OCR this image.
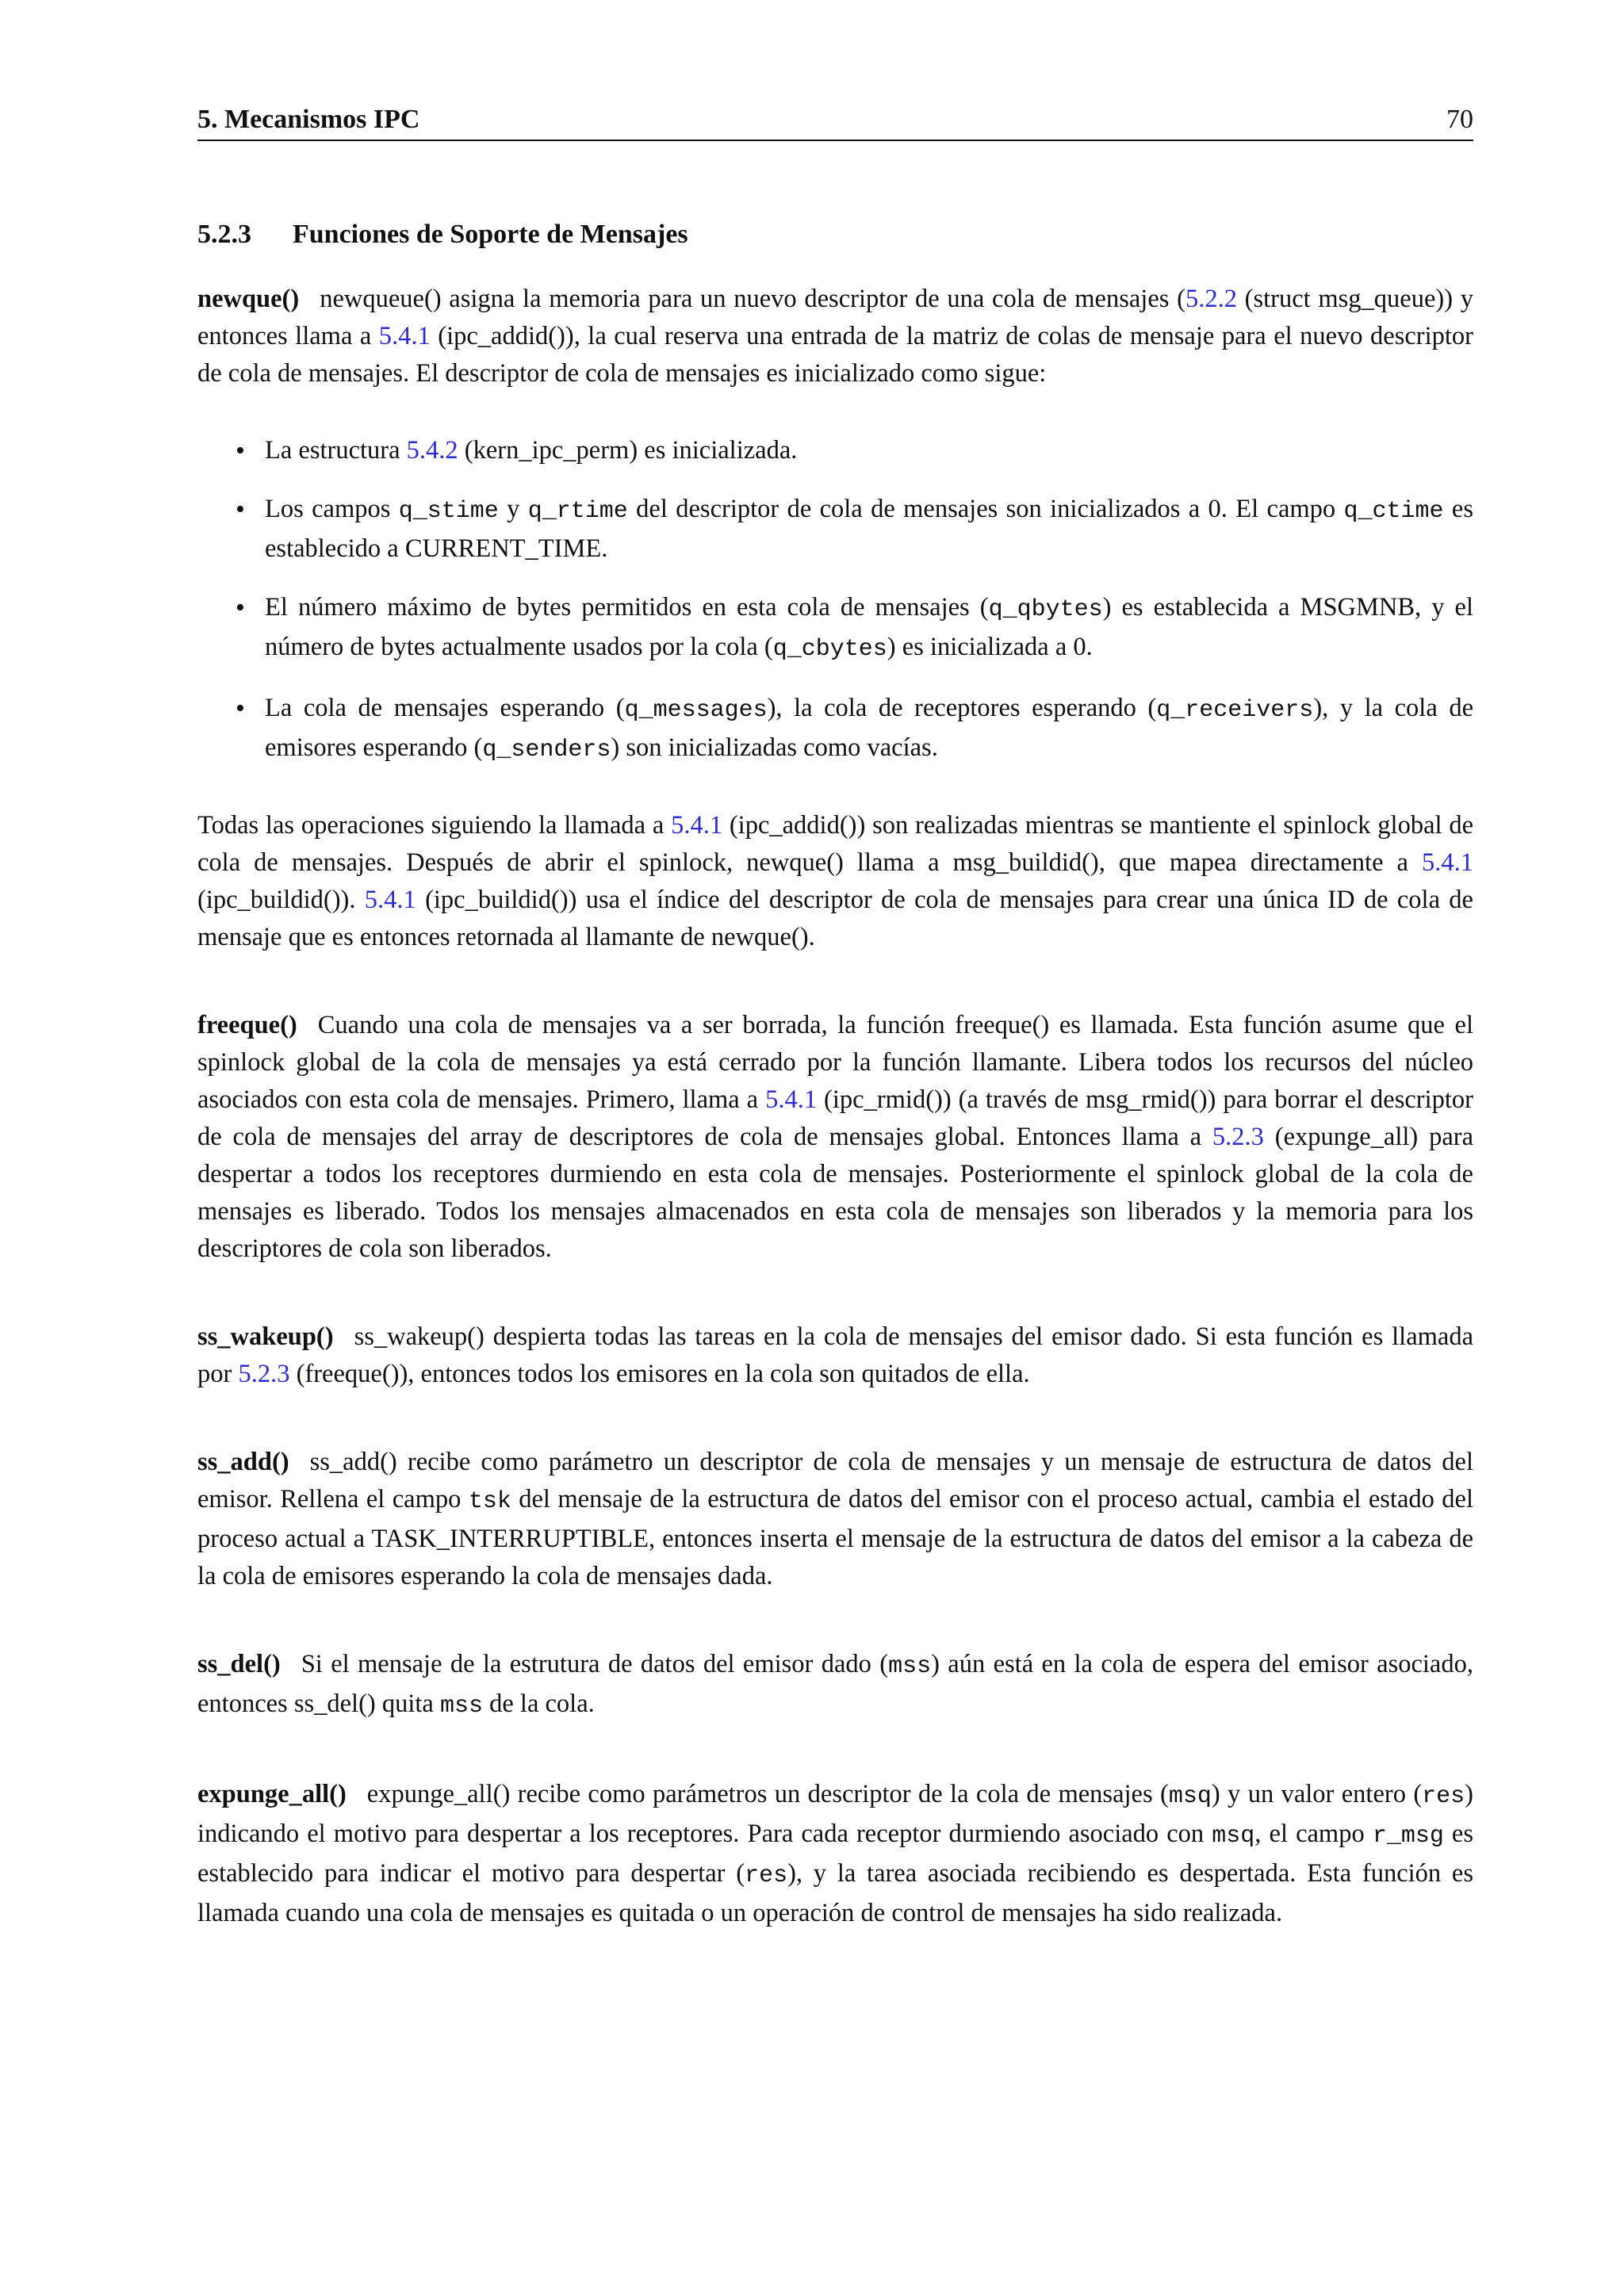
5. Mecanismos IPC	70
5.2.3 Funciones de Soporte de Mensajes

newque() newqueue() asigna la memoria para un nuevo descriptor de una cola de mensajes (5.2.2 (struct msg_queue)) y entonces llama a 5.4.1 (ipc_addid()), la cual reserva una entrada de la matriz de colas de mensaje para el nuevo descriptor de cola de mensajes. El descriptor de cola de mensajes es inicializado como sigue:

• La estructura 5.4.2 (kern_ipc_perm) es inicializada.
• Los campos q_stime y q_rtime del descriptor de cola de mensajes son inicializados a 0. El campo q_ctime es establecido a CURRENT_TIME.
• El número máximo de bytes permitidos en esta cola de mensajes (q_qbytes) es establecida a MSGMNB, y el número de bytes actualmente usados por la cola (q_cbytes) es inicializada a 0.
• La cola de mensajes esperando (q_messages), la cola de receptores esperando (q_receivers), y la cola de emisores esperando (q_senders) son inicializadas como vacías.

Todas las operaciones siguiendo la llamada a 5.4.1 (ipc_addid()) son realizadas mientras se mantiente el spinlock global de cola de mensajes. Después de abrir el spinlock, newque() llama a msg_buildid(), que mapea directamente a 5.4.1 (ipc_buildid()). 5.4.1 (ipc_buildid()) usa el índice del descriptor de cola de mensajes para crear una única ID de cola de mensaje que es entonces retornada al llamante de newque().

freeque() Cuando una cola de mensajes va a ser borrada, la función freeque() es llamada. Esta función asume que el spinlock global de la cola de mensajes ya está cerrado por la función llamante. Libera todos los recursos del núcleo asociados con esta cola de mensajes. Primero, llama a 5.4.1 (ipc_rmid()) (a través de msg_rmid()) para borrar el descriptor de cola de mensajes del array de descriptores de cola de mensajes global. Entonces llama a 5.2.3 (expunge_all) para despertar a todos los receptores durmiendo en esta cola de mensajes. Posteriormente el spinlock global de la cola de mensajes es liberado. Todos los mensajes almacenados en esta cola de mensajes son liberados y la memoria para los descriptores de cola son liberados.

ss_wakeup() ss_wakeup() despierta todas las tareas en la cola de mensajes del emisor dado. Si esta función es llamada por 5.2.3 (freeque()), entonces todos los emisores en la cola son quitados de ella.

ss_add() ss_add() recibe como parámetro un descriptor de cola de mensajes y un mensaje de estructura de datos del emisor. Rellena el campo tsk del mensaje de la estructura de datos del emisor con el proceso actual, cambia el estado del proceso actual a TASK_INTERRUPTIBLE, entonces inserta el mensaje de la estructura de datos del emisor a la cabeza de la cola de emisores esperando la cola de mensajes dada.

ss_del() Si el mensaje de la estrutura de datos del emisor dado (mss) aún está en la cola de espera del emisor asociado, entonces ss_del() quita mss de la cola.

expunge_all() expunge_all() recibe como parámetros un descriptor de la cola de mensajes (msq) y un valor entero (res) indicando el motivo para despertar a los receptores. Para cada receptor durmiendo asociado con msq, el campo r_msg es establecido para indicar el motivo para despertar (res), y la tarea asociada recibiendo es despertada. Esta función es llamada cuando una cola de mensajes es quitada o un operación de control de mensajes ha sido realizada.
